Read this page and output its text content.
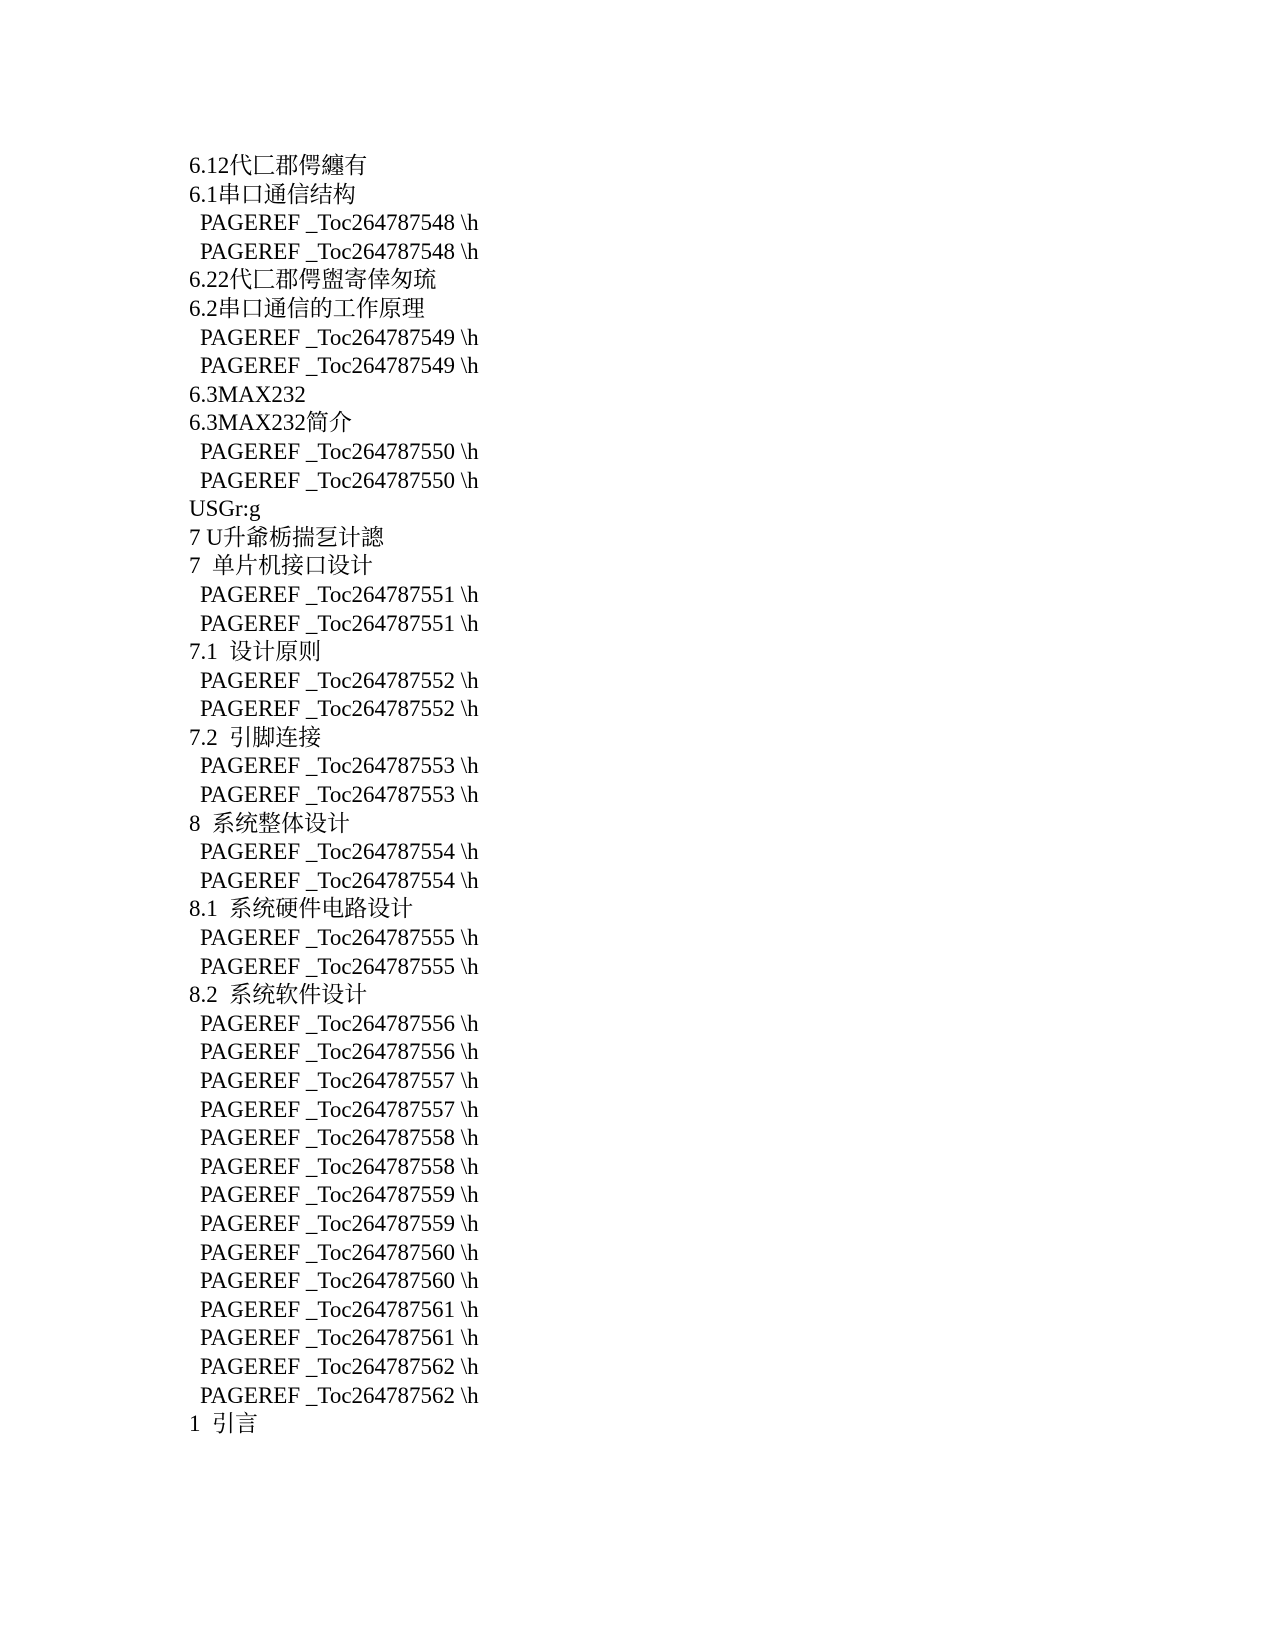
6.12代匚郡偔纏有
6.1串口通信结构
PAGEREF _Toc264787548 \h
PAGEREF _Toc264787548 \h
6.22代匚郡偔盥寄倖匆琉
6.2串口通信的工作原理
PAGEREF _Toc264787549 \h
PAGEREF _Toc264787549 \h
6.3MAX232
6.3MAX232简介
PAGEREF _Toc264787550 \h
PAGEREF _Toc264787550 \h
USGr:g
7 U升爺栃揣乭计謥
7  单片机接口设计
PAGEREF _Toc264787551 \h
PAGEREF _Toc264787551 \h
7.1  设计原则
PAGEREF _Toc264787552 \h
PAGEREF _Toc264787552 \h
7.2  引脚连接
PAGEREF _Toc264787553 \h
PAGEREF _Toc264787553 \h
8  系统整体设计
PAGEREF _Toc264787554 \h
PAGEREF _Toc264787554 \h
8.1  系统硬件电路设计
PAGEREF _Toc264787555 \h
PAGEREF _Toc264787555 \h
8.2  系统软件设计
PAGEREF _Toc264787556 \h
PAGEREF _Toc264787556 \h
PAGEREF _Toc264787557 \h
PAGEREF _Toc264787557 \h
PAGEREF _Toc264787558 \h
PAGEREF _Toc264787558 \h
PAGEREF _Toc264787559 \h
PAGEREF _Toc264787559 \h
PAGEREF _Toc264787560 \h
PAGEREF _Toc264787560 \h
PAGEREF _Toc264787561 \h
PAGEREF _Toc264787561 \h
PAGEREF _Toc264787562 \h
PAGEREF _Toc264787562 \h
1  引言
